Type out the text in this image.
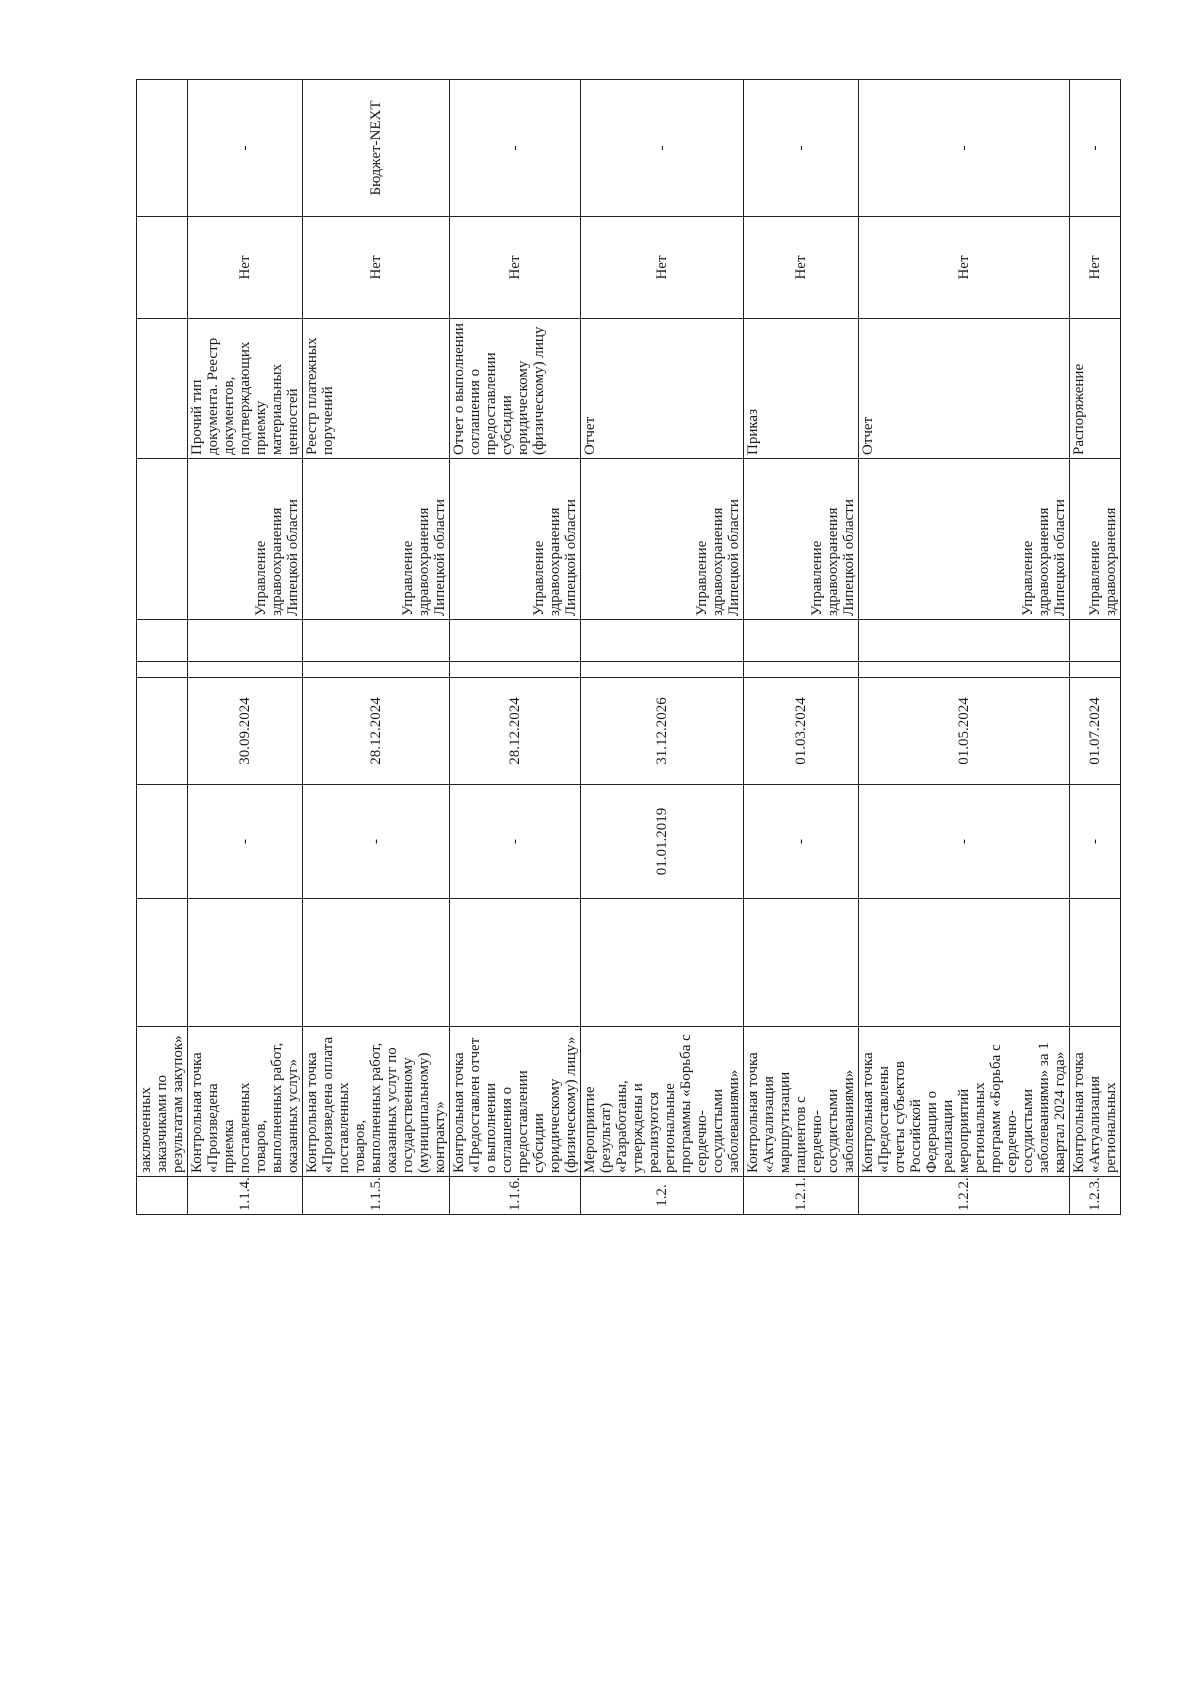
	заключенных заказчиками по результатам закупок»									
1.1.4.	Контрольная точка «Произведена приемка поставленных товаров, выполненных работ, оказанных услуг»		-	30.09.2024			Управление здравоохранения Липецкой области	Прочий тип документа. Реестр документов, подтверждающих приемку материальных ценностей	Нет	-
1.1.5.	Контрольная точка «Произведена оплата поставленных товаров, выполненных работ, оказанных услуг по государственному (муниципальному) контракту»		-	28.12.2024			Управление здравоохранения Липецкой области	Реестр платежных поручений	Нет	Бюджет-NEXT
1.1.6.	Контрольная точка «Предоставлен отчет о выполнении соглашения о предоставлении субсидии юридическому (физическому) лицу»		-	28.12.2024			Управление здравоохранения Липецкой области	Отчет о выполнении соглашения о предоставлении субсидии юридическому (физическому) лицу	Нет	-
1.2.	Мероприятие (результат) «Разработаны, утверждены и реализуются региональные программы «Борьба с сердечно-сосудистыми заболеваниями»		01.01.2019	31.12.2026			Управление здравоохранения Липецкой области	Отчет	Нет	-
1.2.1.	Контрольная точка «Актуализация маршрутизации пациентов с сердечно-сосудистыми заболеваниями»		-	01.03.2024			Управление здравоохранения Липецкой области	Приказ	Нет	-
1.2.2.	Контрольная точка «Предоставлены отчеты субъектов Российской Федерации о реализации мероприятий региональных программ «Борьба с сердечно-сосудистыми заболеваниями» за 1 квартал 2024 года»		-	01.05.2024			Управление здравоохранения Липецкой области	Отчет	Нет	-
1.2.3.	Контрольная точка «Актуализация региональных		-	01.07.2024			Управление здравоохранения	Распоряжение	Нет	-
